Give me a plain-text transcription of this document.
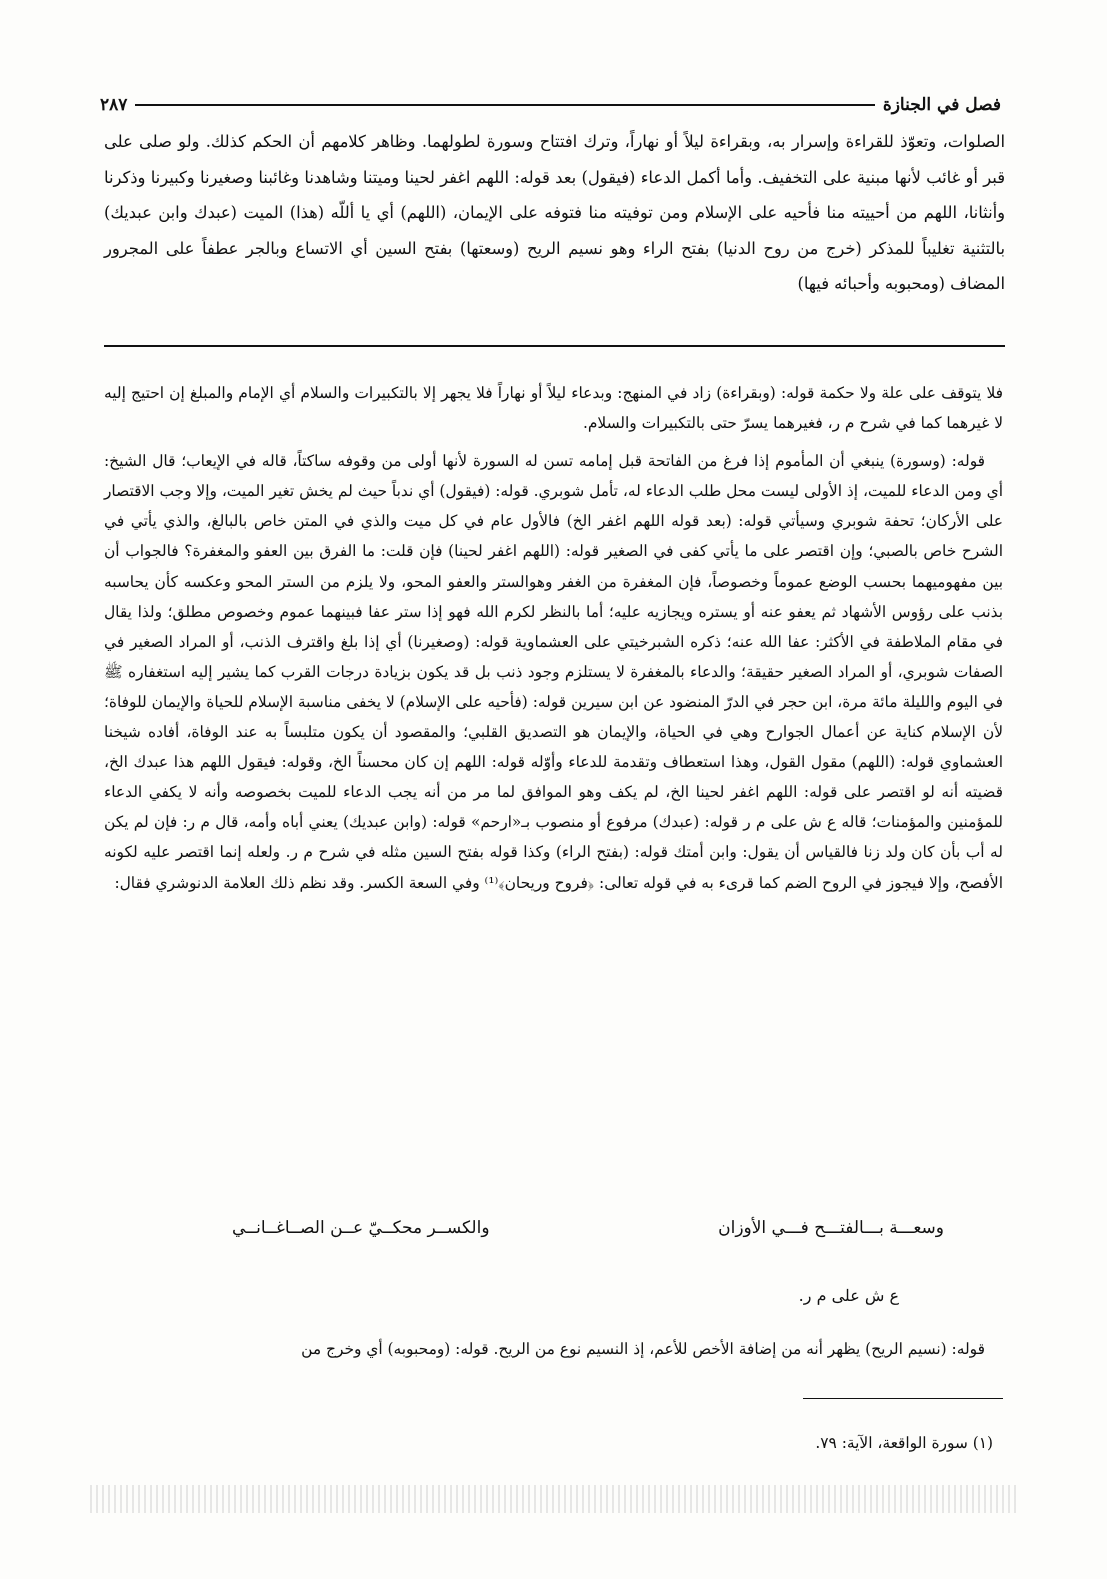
فصل في الجنازة
٢٨٧
الصلوات، وتعوّذ للقراءة وإسرار به، وبقراءة ليلاً أو نهاراً، وترك افتتاح وسورة لطولهما. وظاهر كلامهم أن الحكم كذلك. ولو صلى على قبر أو غائب لأنها مبنية على التخفيف. وأما أكمل الدعاء (فيقول) بعد قوله: اللهم اغفر لحينا وميتنا وشاهدنا وغائبنا وصغيرنا وكبيرنا وذكرنا وأنثانا، اللهم من أحييته منا فأحيه على الإسلام ومن توفيته منا فتوفه على الإيمان، (اللهم) أي يا أللّه (هذا) الميت (عبدك وابن عبديك) بالتثنية تغليباً للمذكر (خرج من روح الدنيا) بفتح الراء وهو نسيم الريح (وسعتها) بفتح السين أي الاتساع وبالجر عطفاً على المجرور المضاف (ومحبوبه وأحبائه فيها)

فلا يتوقف على علة ولا حكمة قوله: (وبقراءة) زاد في المنهج: وبدعاء ليلاً أو نهاراً فلا يجهر إلا بالتكبيرات والسلام أي الإمام والمبلغ إن احتيج إليه لا غيرهما كما في شرح م ر، فغيرهما يسرّ حتى بالتكبيرات والسلام.

قوله: (وسورة) ينبغي أن المأموم إذا فرغ من الفاتحة قبل إمامه تسن له السورة لأنها أولى من وقوفه ساكتاً، قاله في الإيعاب؛ قال الشيخ: أي ومن الدعاء للميت، إذ الأولى ليست محل طلب الدعاء له، تأمل شوبري. قوله: (فيقول) أي ندباً حيث لم يخش تغير الميت، وإلا وجب الاقتصار على الأركان؛ تحفة شوبري وسيأتي قوله: (بعد قوله اللهم اغفر الخ) فالأول عام في كل ميت والذي في المتن خاص بالبالغ، والذي يأتي في الشرح خاص بالصبي؛ وإن اقتصر على ما يأتي كفى في الصغير قوله: (اللهم اغفر لحينا) فإن قلت: ما الفرق بين العفو والمغفرة؟ فالجواب أن بين مفهوميهما بحسب الوضع عموماً وخصوصاً، فإن المغفرة من الغفر وهوالستر والعفو المحو، ولا يلزم من الستر المحو وعكسه كأن يحاسبه بذنب على رؤوس الأشهاد ثم يعفو عنه أو يستره ويجازيه عليه؛ أما بالنظر لكرم الله فهو إذا ستر عفا فبينهما عموم وخصوص مطلق؛ ولذا يقال في مقام الملاطفة في الأكثر: عفا الله عنه؛ ذكره الشبرخيتي على العشماوية قوله: (وصغيرنا) أي إذا بلغ واقترف الذنب، أو المراد الصغير في الصفات شوبري، أو المراد الصغير حقيقة؛ والدعاء بالمغفرة لا يستلزم وجود ذنب بل قد يكون بزيادة درجات القرب كما يشير إليه استغفاره ﷺ في اليوم والليلة مائة مرة، ابن حجر في الدرّ المنضود عن ابن سيرين قوله: (فأحيه على الإسلام) لا يخفى مناسبة الإسلام للحياة والإيمان للوفاة؛ لأن الإسلام كناية عن أعمال الجوارح وهي في الحياة، والإيمان هو التصديق القلبي؛ والمقصود أن يكون متلبساً به عند الوفاة، أفاده شيخنا العشماوي قوله: (اللهم) مقول القول، وهذا استعطاف وتقدمة للدعاء وأوّله قوله: اللهم إن كان محسناً الخ، وقوله: فيقول اللهم هذا عبدك الخ، قضيته أنه لو اقتصر على قوله: اللهم اغفر لحينا الخ، لم يكف وهو الموافق لما مر من أنه يجب الدعاء للميت بخصوصه وأنه لا يكفي الدعاء للمؤمنين والمؤمنات؛ قاله ع ش على م ر قوله: (عبدك) مرفوع أو منصوب بـ«ارحم» قوله: (وابن عبديك) يعني أباه وأمه، قال م ر: فإن لم يكن له أب بأن كان ولد زنا فالقياس أن يقول: وابن أمتك قوله: (بفتح الراء) وكذا قوله بفتح السين مثله في شرح م ر. ولعله إنما اقتصر عليه لكونه الأفصح، وإلا فيجوز في الروح الضم كما قرىء به في قوله تعالى: ﴿فروح وريحان﴾⁽¹⁾ وفي السعة الكسر. وقد نظم ذلك العلامة الدنوشري فقال:

وسعـــة بـــالفتـــح فـــي الأوزان
والكســر محكــيّ عــن الصــاغــانــي
ع ش على م ر.
قوله: (نسيم الريح) يظهر أنه من إضافة الأخص للأعم، إذ النسيم نوع من الريح. قوله: (ومحبوبه) أي وخرج من
(١) سورة الواقعة، الآية: ٧٩.
